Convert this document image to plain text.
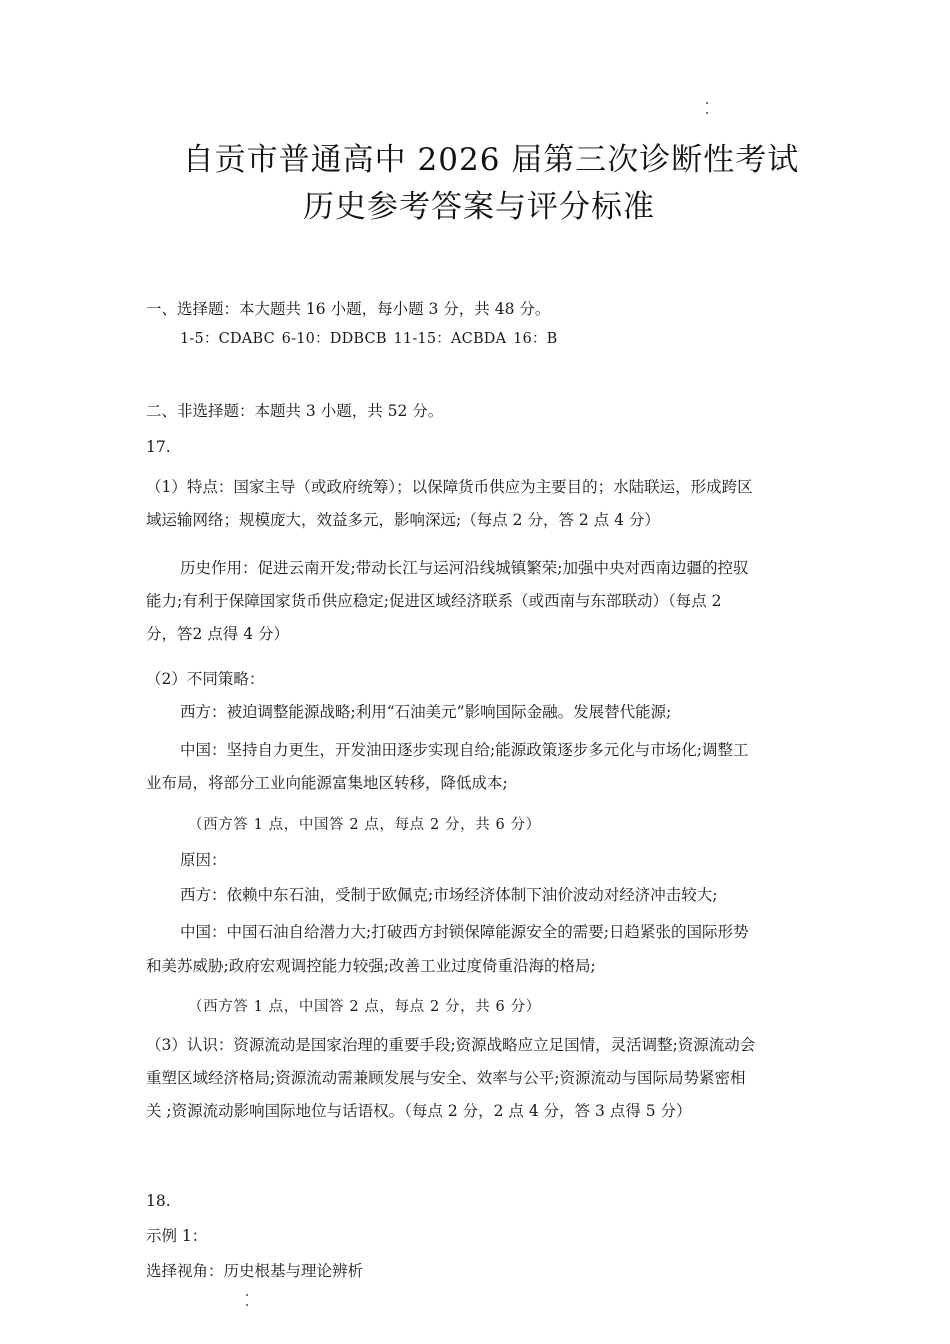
自贡市普通高中 2026 届第三次诊断性考试
历史参考答案与评分标准
一、选择题：本大题共 16 小题，每小题 3 分，共 48 分。
1-5：CDABC 6-10：DDBCB 11-15：ACBDA 16：B
二、非选择题：本题共 3 小题，共 52 分。
17.
（1）特点：国家主导（或政府统筹）；以保障货币供应为主要目的；水陆联运，形成跨区
域运输网络；规模庞大，效益多元，影响深远;（每点 2 分，答 2 点 4 分）
历史作用：促进云南开发;带动长江与运河沿线城镇繁荣;加强中央对西南边疆的控驭
能力;有利于保障国家货币供应稳定;促进区域经济联系（或西南与东部联动）（每点 2
分，答2 点得 4 分）
（2）不同策略：
西方：被迫调整能源战略;利用“石油美元”影响国际金融。发展替代能源;
中国：坚持自力更生，开发油田逐步实现自给;能源政策逐步多元化与市场化;调整工
业布局，将部分工业向能源富集地区转移，降低成本;
（西方答 1 点，中国答 2 点，每点 2 分，共 6 分）
原因：
西方：依赖中东石油，受制于欧佩克;市场经济体制下油价波动对经济冲击较大;
中国：中国石油自给潜力大;打破西方封锁保障能源安全的需要;日趋紧张的国际形势
和美苏威胁;政府宏观调控能力较强;改善工业过度倚重沿海的格局;
（西方答 1 点，中国答 2 点，每点 2 分，共 6 分）
（3）认识：资源流动是国家治理的重要手段;资源战略应立足国情，灵活调整;资源流动会
重塑区域经济格局;资源流动需兼顾发展与安全、效率与公平;资源流动与国际局势紧密相
关 ;资源流动影响国际地位与话语权。（每点 2 分，2 点 4 分，答 3 点得 5 分）
18.
示例 1：
选择视角：历史根基与理论辨析
